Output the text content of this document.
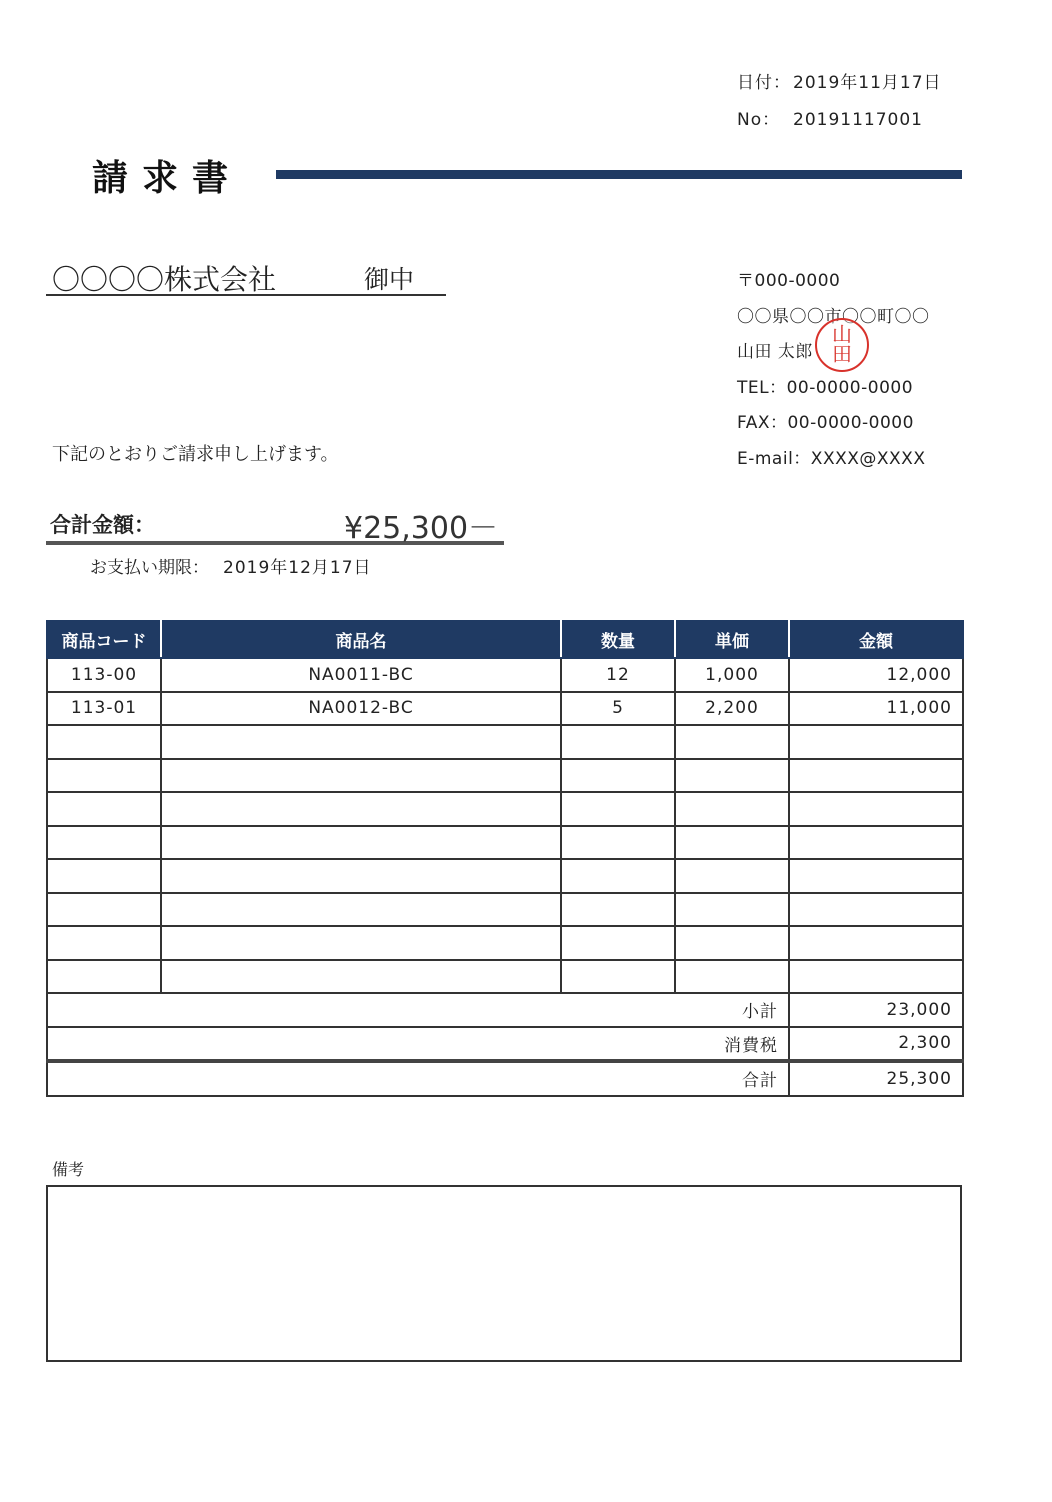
日付： 2019年11月17日
No： 20191117001
請求書
〇〇〇〇株式会社	御中	〒000-0000
〇〇県〇〇市〇〇町〇〇
山田 太郎
TEL：00-0000-0000
FAX：00-0000-0000
E-mail：XXXX@XXXX
山田
下記のとおりご請求申し上げます。
合計金額：	¥25,300－
お支払い期限： 2019年12月17日
商品コード	商品名	数量	単価	金額
113-00	NA0011-BC	12	1,000	12,000
113-01	NA0012-BC	5	2,200	11,000

小計				23,000
消費税				2,300
合計				25,300
備考
